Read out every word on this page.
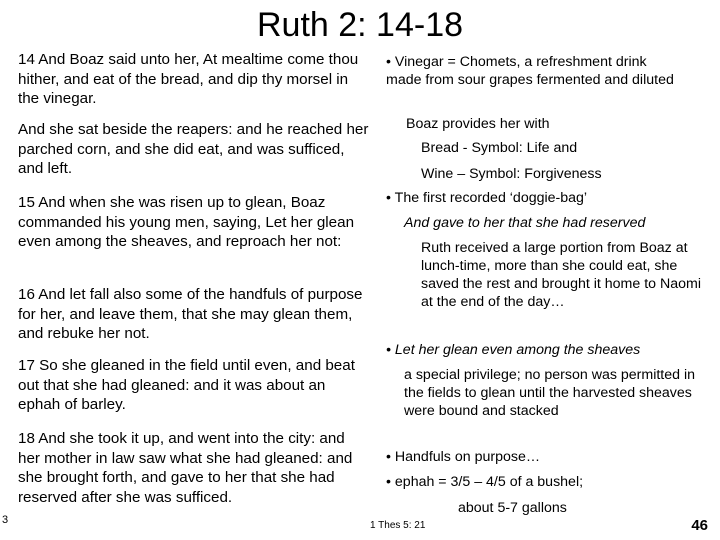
Ruth 2: 14-18

14 And Boaz said unto her, At mealtime come thou hither, and eat of the bread, and dip thy morsel in the vinegar.

And she sat beside the reapers: and he reached her parched corn, and she did eat, and was sufficed, and left.

15 And when she was risen up to glean, Boaz commanded his young men, saying, Let her glean even among the sheaves, and reproach her not:

16 And let fall also some of the handfuls of purpose for her, and leave them, that she may glean them, and rebuke her not.

17 So she gleaned in the field until even, and beat out that she had gleaned: and it was about an ephah of barley.

18 And she took it up, and went into the city: and her mother in law saw what she had gleaned: and she brought forth, and gave to her that she had reserved after she was sufficed.

• Vinegar = Chomets, a refreshment drink made from sour grapes fermented and diluted

Boaz provides her with

Bread - Symbol: Life and

Wine – Symbol: Forgiveness

• The first recorded ‘doggie-bag’

And gave to her that she had reserved

Ruth received a large portion from Boaz at lunch-time, more than she could eat, she saved the rest and brought it home to Naomi at the end of the day…

• Let her glean even among the sheaves

a special privilege; no person was permitted in the fields to glean until the harvested sheaves were bound and stacked

• Handfuls on purpose…

• ephah = 3/5 – 4/5 of a bushel;

about 5-7 gallons

3	1 Thes 5: 21	46
